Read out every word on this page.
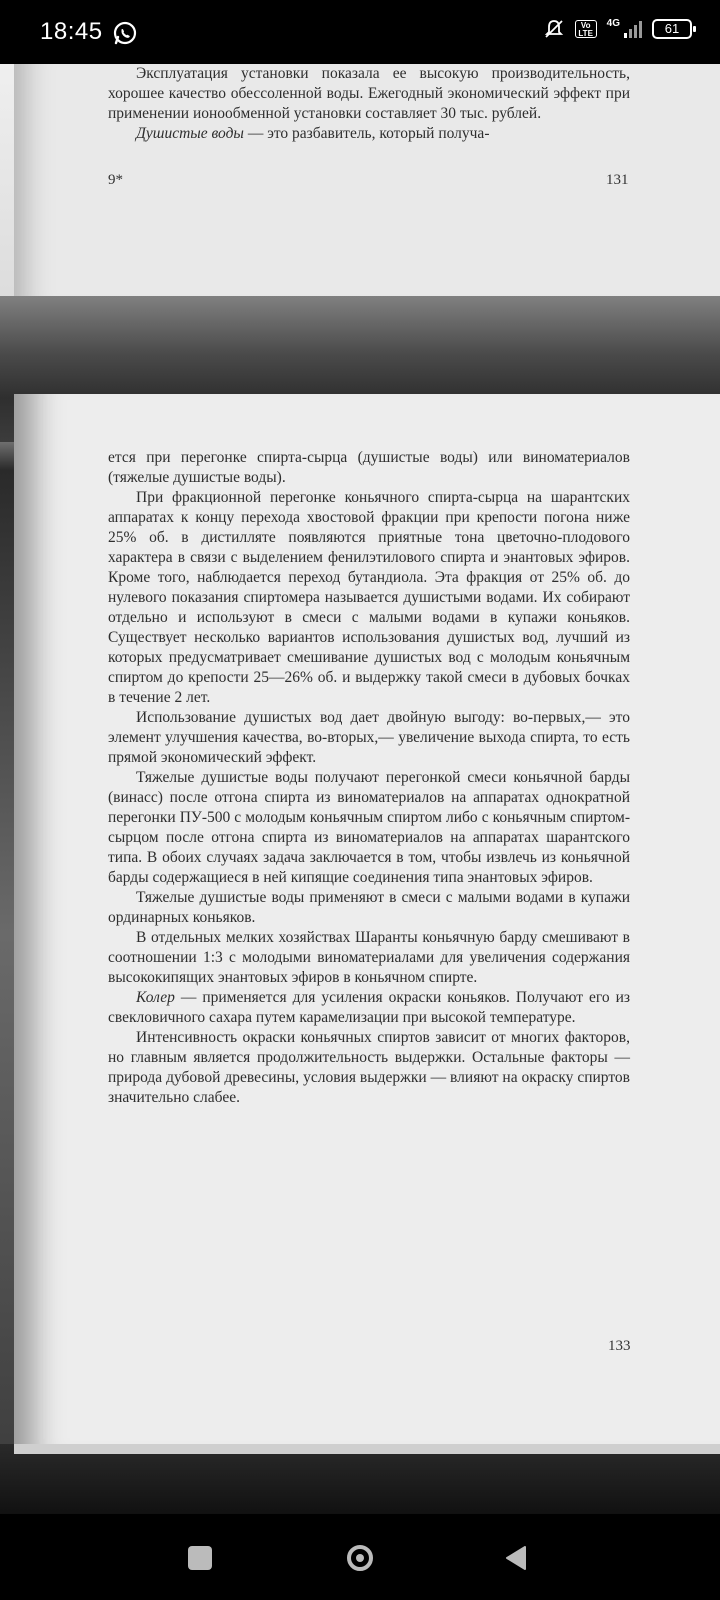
18:45	Vo LTE
4G	61

Эксплуатация установки показала ее высокую производительность, хорошее качество обессоленной воды. Ежегодный экономический эффект при применении ионообменной установки составляет 30 тыс. рублей.

Душистые воды — это разбавитель, который получа-

9*	131

ется при перегонке спирта-сырца (душистые воды) или виноматериалов (тяжелые душистые воды).

При фракционной перегонке коньячного спирта-сырца на шарантских аппаратах к концу перехода хвостовой фракции при крепости погона ниже 25% об. в дистилляте появляются приятные тона цветочно-плодового характера в связи с выделением фенилэтилового спирта и энантовых эфиров. Кроме того, наблюдается переход бутандиола. Эта фракция от 25% об. до нулевого показания спиртомера называется душистыми водами. Их собирают отдельно и используют в смеси с малыми водами в купажи коньяков. Существует несколько вариантов использования душистых вод, лучший из которых предусматривает смешивание душистых вод с молодым коньячным спиртом до крепости 25—26% об. и выдержку такой смеси в дубовых бочках в течение 2 лет.

Использование душистых вод дает двойную выгоду: во-первых,— это элемент улучшения качества, во-вторых,— увеличение выхода спирта, то есть прямой экономический эффект.

Тяжелые душистые воды получают перегонкой смеси коньячной барды (винасс) после отгона спирта из виноматериалов на аппаратах однократной перегонки ПУ-500 с молодым коньячным спиртом либо с коньячным спиртом-сырцом после отгона спирта из виноматериалов на аппаратах шарантского типа. В обоих случаях задача заключается в том, чтобы извлечь из коньячной барды содержащиеся в ней кипящие соединения типа энантовых эфиров.

Тяжелые душистые воды применяют в смеси с малыми водами в купажи ординарных коньяков.

В отдельных мелких хозяйствах Шаранты коньячную барду смешивают в соотношении 1:3 с молодыми виноматериалами для увеличения содержания высококипящих энантовых эфиров в коньячном спирте.

Колер — применяется для усиления окраски коньяков. Получают его из свекловичного сахара путем карамелизации при высокой температуре.

Интенсивность окраски коньячных спиртов зависит от многих факторов, но главным является продолжительность выдержки. Остальные факторы — природа дубовой древесины, условия выдержки — влияют на окраску спиртов значительно слабее.

133
